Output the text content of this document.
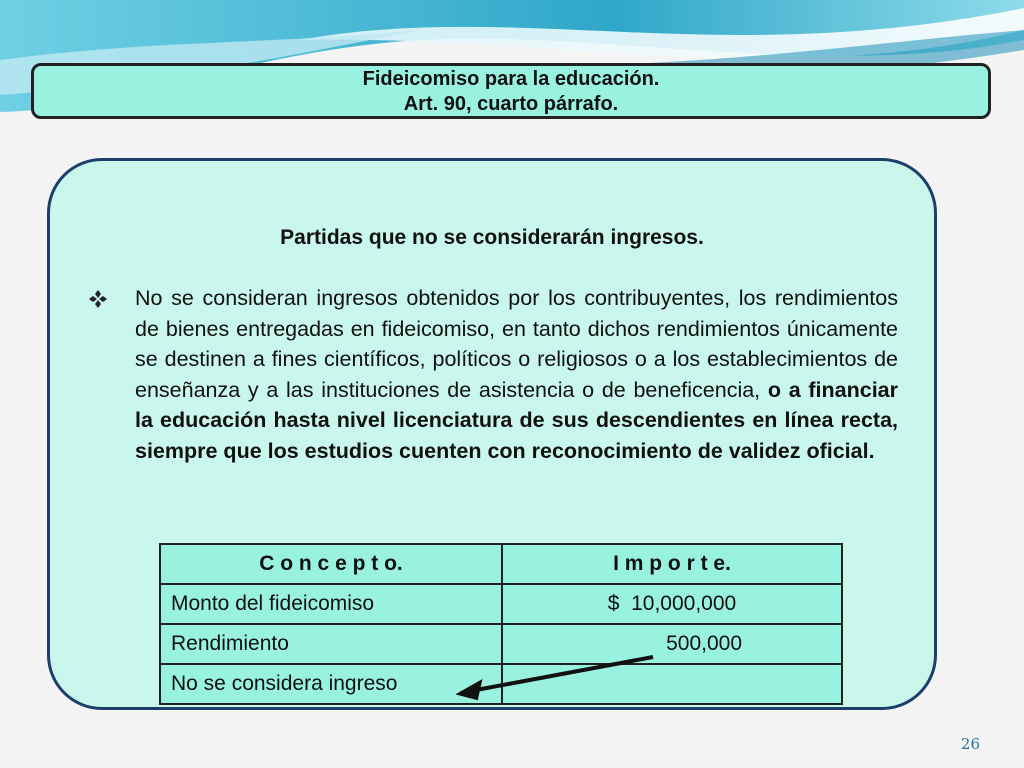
Fideicomiso para la educación.
Art. 90, cuarto párrafo.
Partidas que no se considerarán ingresos.
No se consideran ingresos obtenidos por los contribuyentes, los rendimientos de bienes entregadas en fideicomiso, en tanto dichos rendimientos únicamente se destinen a fines científicos, políticos o religiosos o a los establecimientos de enseñanza y a las instituciones de asistencia o de beneficencia, o a financiar la educación hasta nivel licenciatura de sus descendientes en línea recta, siempre que los estudios cuenten con reconocimiento de validez oficial.
C o n c e p t o.	I m p o r t e.
Monto del fideicomiso	$  10,000,000
Rendimiento	500,000
No se considera ingreso	
26
